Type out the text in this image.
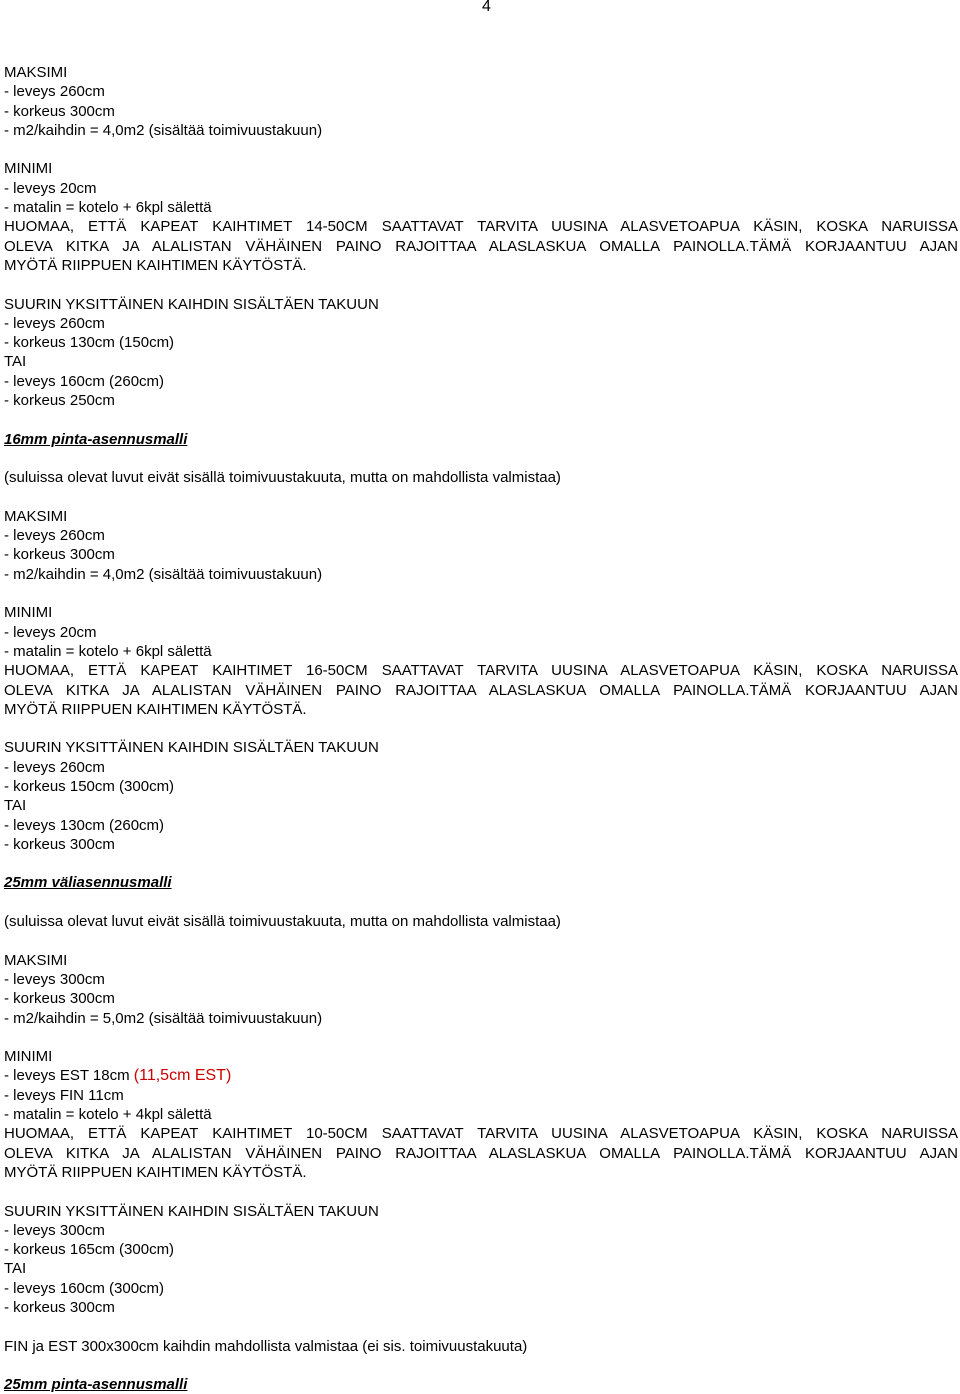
4
MAKSIMI
- leveys 260cm
- korkeus 300cm
- m2/kaihdin = 4,0m2 (sisältää toimivuustakuun)
MINIMI
- leveys 20cm
- matalin = kotelo + 6kpl sälettä
HUOMAA, ETTÄ KAPEAT KAIHTIMET 14-50CM SAATTAVAT TARVITA UUSINA ALASVETOAPUA KÄSIN, KOSKA NARUISSA
OLEVA KITKA JA ALALISTAN VÄHÄINEN PAINO RAJOITTAA ALASLASKUA OMALLA PAINOLLA.TÄMÄ KORJAANTUU AJAN
MYÖTÄ RIIPPUEN KAIHTIMEN KÄYTÖSTÄ.
SUURIN YKSITTÄINEN KAIHDIN SISÄLTÄEN TAKUUN
- leveys 260cm
- korkeus 130cm (150cm)
TAI
- leveys 160cm (260cm)
- korkeus 250cm
16mm pinta-asennusmalli
(suluissa olevat luvut eivät sisällä toimivuustakuuta, mutta on mahdollista valmistaa)
MAKSIMI
- leveys 260cm
- korkeus 300cm
- m2/kaihdin = 4,0m2 (sisältää toimivuustakuun)
MINIMI
- leveys 20cm
- matalin = kotelo + 6kpl sälettä
HUOMAA, ETTÄ KAPEAT KAIHTIMET 16-50CM SAATTAVAT TARVITA UUSINA ALASVETOAPUA KÄSIN, KOSKA NARUISSA
OLEVA KITKA JA ALALISTAN VÄHÄINEN PAINO RAJOITTAA ALASLASKUA OMALLA PAINOLLA.TÄMÄ KORJAANTUU AJAN
MYÖTÄ RIIPPUEN KAIHTIMEN KÄYTÖSTÄ.
SUURIN YKSITTÄINEN KAIHDIN SISÄLTÄEN TAKUUN
- leveys 260cm
- korkeus 150cm (300cm)
TAI
- leveys 130cm (260cm)
- korkeus 300cm
25mm väliasennusmalli
(suluissa olevat luvut eivät sisällä toimivuustakuuta, mutta on mahdollista valmistaa)
MAKSIMI
- leveys 300cm
- korkeus 300cm
- m2/kaihdin = 5,0m2 (sisältää toimivuustakuun)
MINIMI
- leveys EST 18cm (11,5cm EST)
- leveys FIN 11cm
- matalin = kotelo + 4kpl sälettä
HUOMAA, ETTÄ KAPEAT KAIHTIMET 10-50CM SAATTAVAT TARVITA UUSINA ALASVETOAPUA KÄSIN, KOSKA NARUISSA
OLEVA KITKA JA ALALISTAN VÄHÄINEN PAINO RAJOITTAA ALASLASKUA OMALLA PAINOLLA.TÄMÄ KORJAANTUU AJAN
MYÖTÄ RIIPPUEN KAIHTIMEN KÄYTÖSTÄ.
SUURIN YKSITTÄINEN KAIHDIN SISÄLTÄEN TAKUUN
- leveys 300cm
- korkeus 165cm (300cm)
TAI
- leveys 160cm (300cm)
- korkeus 300cm
FIN ja EST 300x300cm kaihdin mahdollista valmistaa (ei sis. toimivuustakuuta)
25mm pinta-asennusmalli
